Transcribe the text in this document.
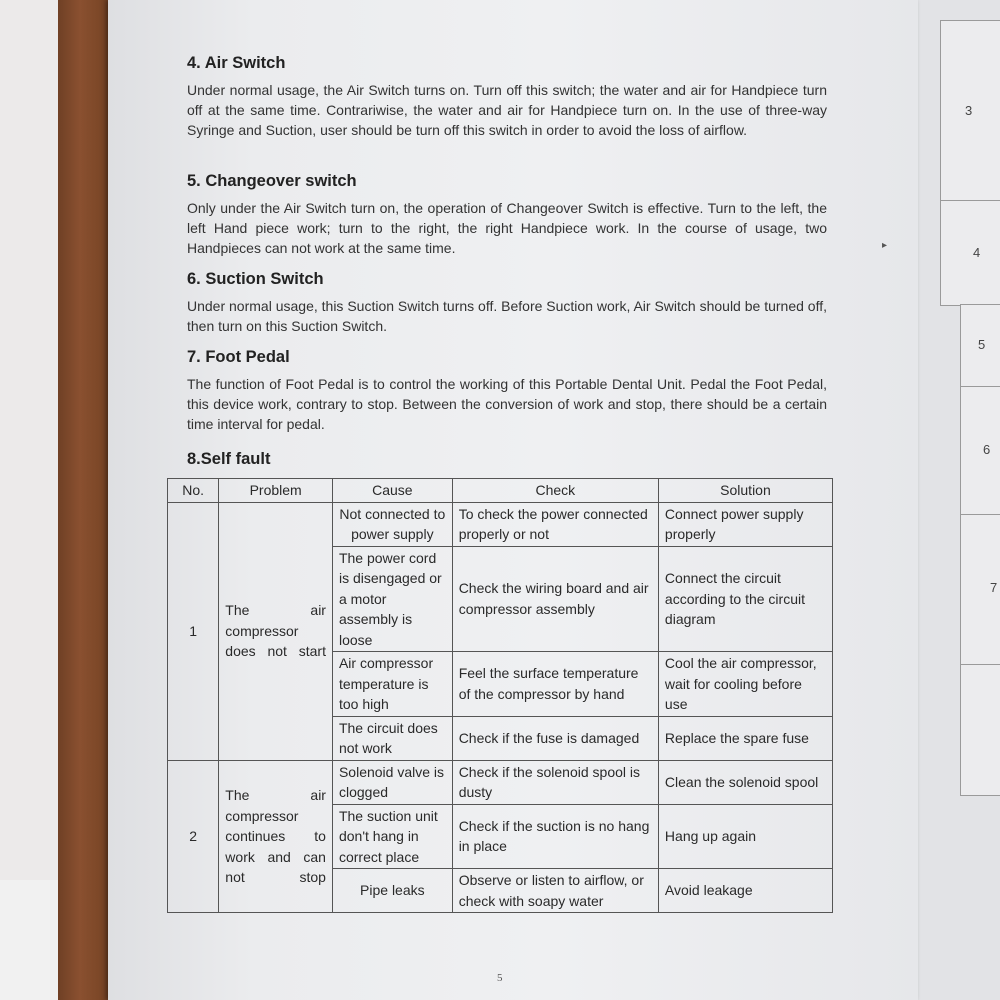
3
4
5
6
7
▸
4. Air Switch

Under normal usage, the Air Switch turns on. Turn off this switch; the water and air for Handpiece turn off at the same time. Contrariwise, the water and air for Handpiece turn on. In the use of three-way Syringe and Suction, user should be turn off this switch in order to avoid the loss of airflow.

5. Changeover switch

Only under the Air Switch turn on, the operation of Changeover Switch is effective. Turn to the left, the left Hand piece work; turn to the right, the right Handpiece work. In the course of usage, two Handpieces can not work at the same time.

6. Suction Switch

Under normal usage, this Suction Switch turns off. Before Suction work, Air Switch should be turned off, then turn on this Suction Switch.

7. Foot Pedal

The function of Foot Pedal is to control the working of this Portable Dental Unit. Pedal the Foot Pedal, this device work, contrary to stop. Between the conversion of work and stop, there should be a certain time interval for pedal.

8.Self fault
No.	Problem	Cause	Check	Solution
1	The air compressor does not start	Not connected to power supply	To check the power connected properly or not	Connect power supply properly
		The power cord is disengaged or a motor assembly is loose	Check the wiring board and air compressor assembly	Connect the circuit according to the circuit diagram
		Air compressor temperature is too high	Feel the surface temperature of the compressor by hand	Cool the air compressor, wait for cooling before use
		The circuit does not work	Check if the fuse is damaged	Replace the spare fuse
2	The air compressor continues to work and can not stop	Solenoid valve is clogged	Check if the solenoid spool is dusty	Clean the solenoid spool
		The suction unit don't hang in correct place	Check if the suction is no hang in place	Hang up again
		Pipe leaks	Observe or listen to airflow, or check with soapy water	Avoid leakage
5
